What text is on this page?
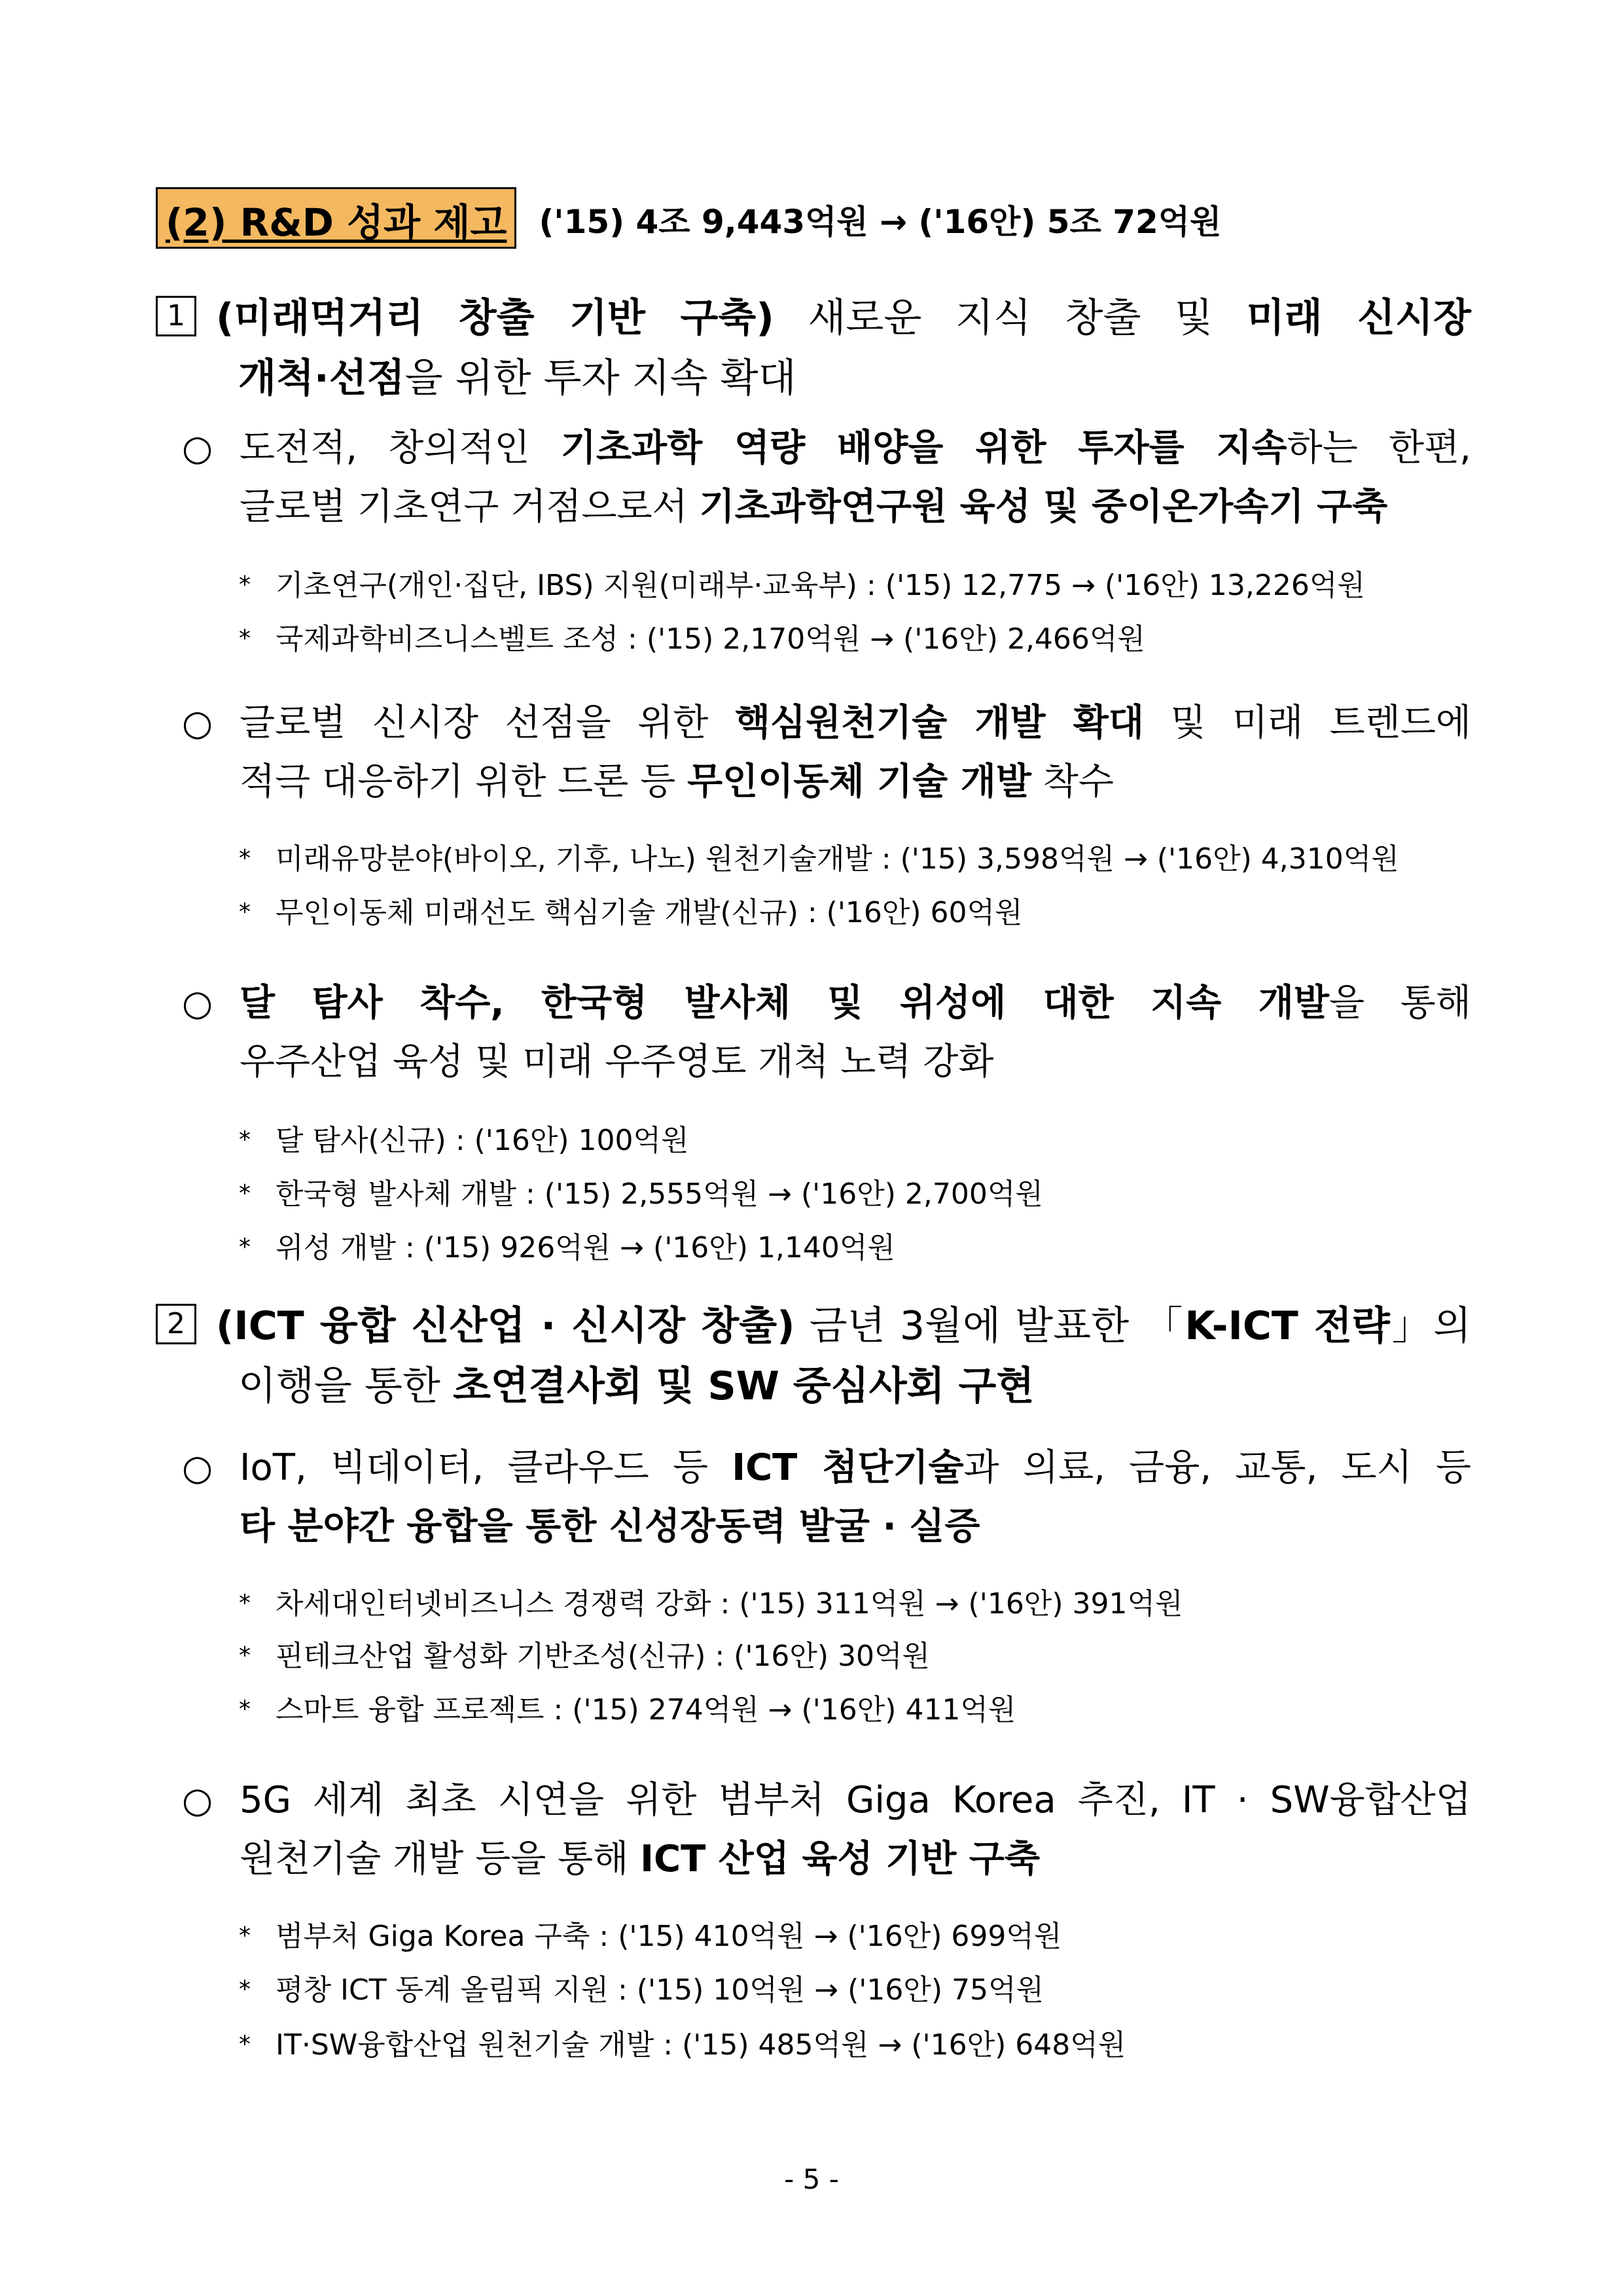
(2) R&D 성과 제고 ('15) 4조 9,443억원 → ('16안) 5조 72억원
1 (미래먹거리 창출 기반 구축) 새로운 지식 창출 및 미래 신시장
개척·선점을 위한 투자 지속 확대
○ 도전적, 창의적인 기초과학 역량 배양을 위한 투자를 지속하는 한편,
글로벌 기초연구 거점으로서 기초과학연구원 육성 및 중이온가속기 구축
* 기초연구(개인·집단, IBS) 지원(미래부·교육부) : ('15) 12,775 → ('16안) 13,226억원
* 국제과학비즈니스벨트 조성 : ('15) 2,170억원 → ('16안) 2,466억원
○ 글로벌 신시장 선점을 위한 핵심원천기술 개발 확대 및 미래 트렌드에
적극 대응하기 위한 드론 등 무인이동체 기술 개발 착수
* 미래유망분야(바이오, 기후, 나노) 원천기술개발 : ('15) 3,598억원 → ('16안) 4,310억원
* 무인이동체 미래선도 핵심기술 개발(신규) : ('16안) 60억원
○ 달 탐사 착수, 한국형 발사체 및 위성에 대한 지속 개발을 통해
우주산업 육성 및 미래 우주영토 개척 노력 강화
* 달 탐사(신규) : ('16안) 100억원
* 한국형 발사체 개발 : ('15) 2,555억원 → ('16안) 2,700억원
* 위성 개발 : ('15) 926억원 → ('16안) 1,140억원
2 (ICT 융합 신산업 · 신시장 창출) 금년 3월에 발표한 「K-ICT 전략」의
이행을 통한 초연결사회 및 SW 중심사회 구현
○ IoT, 빅데이터, 클라우드 등 ICT 첨단기술과 의료, 금융, 교통, 도시 등
타 분야간 융합을 통한 신성장동력 발굴 · 실증
* 차세대인터넷비즈니스 경쟁력 강화 : ('15) 311억원 → ('16안) 391억원
* 핀테크산업 활성화 기반조성(신규) : ('16안) 30억원
* 스마트 융합 프로젝트 : ('15) 274억원 → ('16안) 411억원
○ 5G 세계 최초 시연을 위한 범부처 Giga Korea 추진, IT · SW융합산업
원천기술 개발 등을 통해 ICT 산업 육성 기반 구축
* 범부처 Giga Korea 구축 : ('15) 410억원 → ('16안) 699억원
* 평창 ICT 동계 올림픽 지원 : ('15) 10억원 → ('16안) 75억원
* IT·SW융합산업 원천기술 개발 : ('15) 485억원 → ('16안) 648억원
- 5 -
